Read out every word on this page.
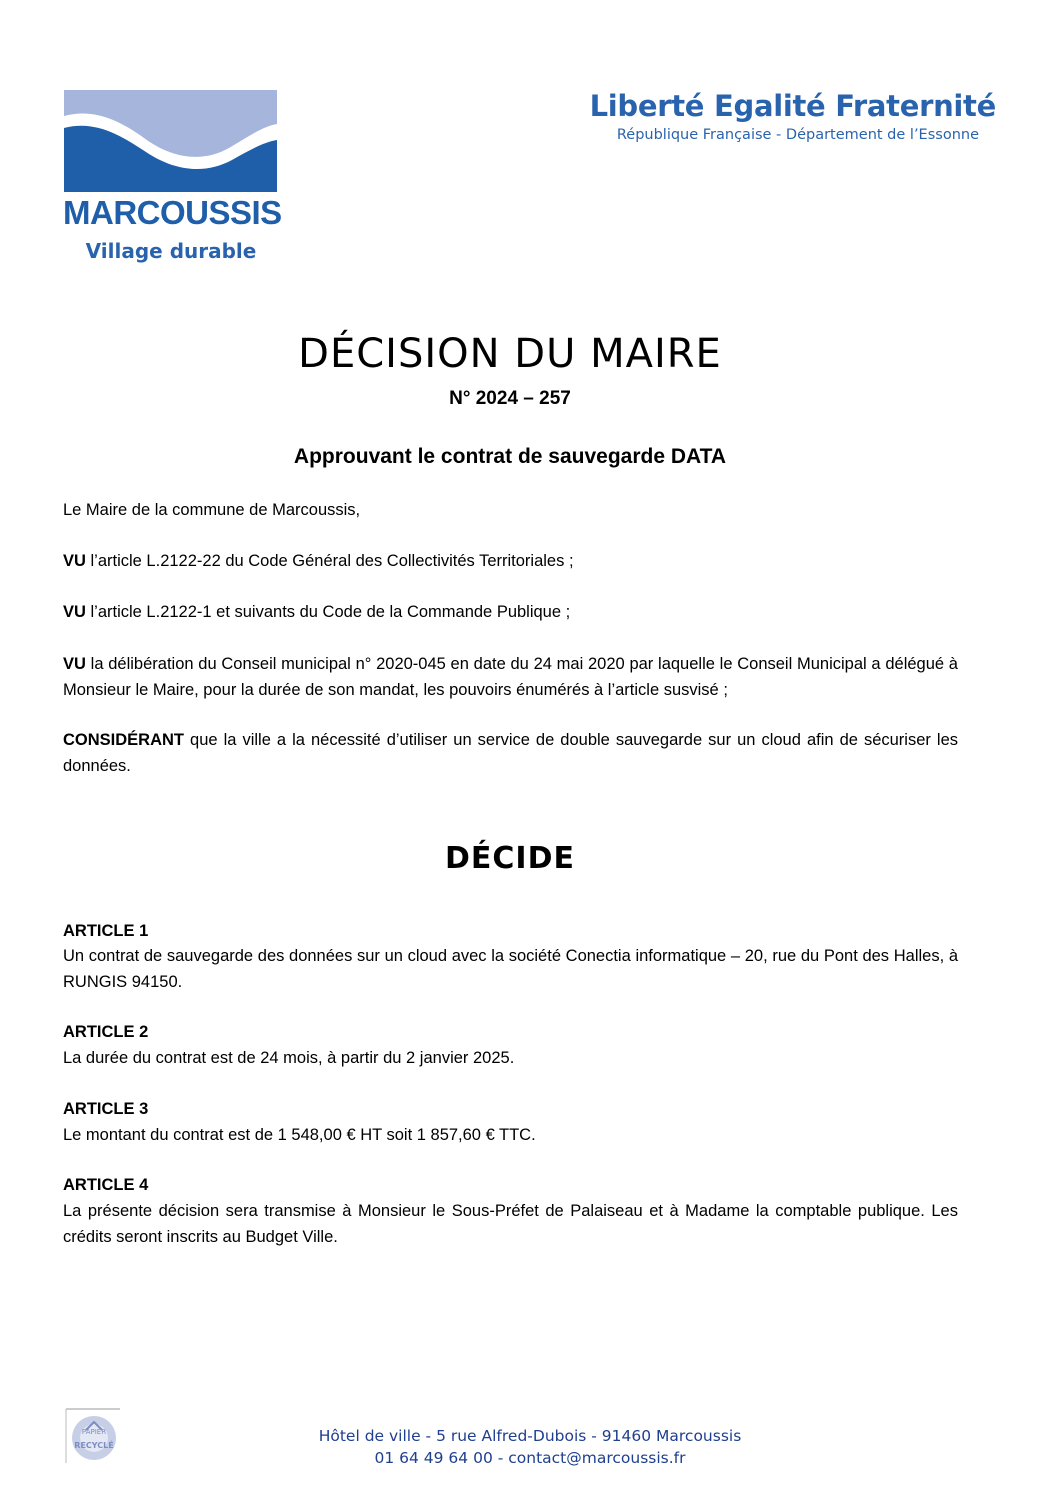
MARCOUSSIS
Village durable
Liberté Egalité Fraternité
République Française - Département de l’Essonne
DÉCISION DU MAIRE
N° 2024 – 257
Approuvant le contrat de sauvegarde DATA
Le Maire de la commune de Marcoussis,
VU l’article L.2122-22 du Code Général des Collectivités Territoriales ;
VU l’article L.2122-1 et suivants du Code de la Commande Publique ;
VU la délibération du Conseil municipal n° 2020-045 en date du 24 mai 2020 par laquelle le Conseil Municipal a délégué à Monsieur le Maire, pour la durée de son mandat, les pouvoirs énumérés à l’article susvisé ;
CONSIDÉRANT que la ville a la nécessité d’utiliser un service de double sauvegarde sur un cloud afin de sécuriser les données.
DÉCIDE
ARTICLE 1
Un contrat de sauvegarde des données sur un cloud avec la société Conectia informatique – 20, rue du Pont des Halles, à RUNGIS 94150.
ARTICLE 2
La durée du contrat est de 24 mois, à partir du 2 janvier 2025.
ARTICLE 3
Le montant du contrat est de 1 548,00 € HT soit 1 857,60 € TTC.
ARTICLE 4
La présente décision sera transmise à Monsieur le Sous-Préfet de Palaiseau et à Madame la comptable publique. Les crédits seront inscrits au Budget Ville.
PAPIER
RECYCLÉ
Hôtel de ville - 5 rue Alfred-Dubois - 91460 Marcoussis
01 64 49 64 00 - contact@marcoussis.fr
